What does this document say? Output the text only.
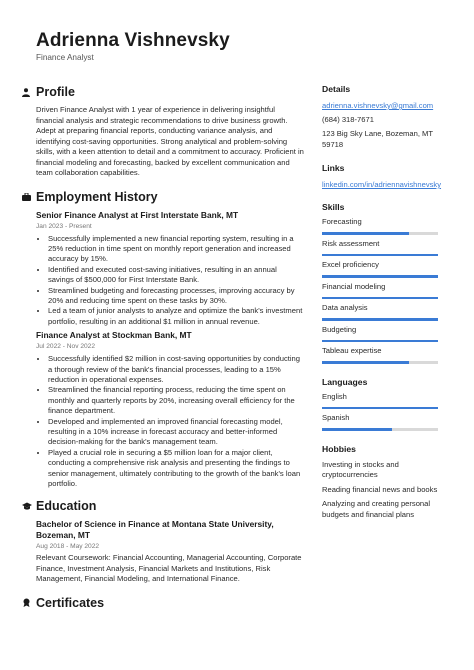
Adrienna Vishnevsky
Finance Analyst
Profile
Driven Finance Analyst with 1 year of experience in delivering insightful financial analysis and strategic recommendations to drive business growth. Adept at preparing financial reports, conducting variance analysis, and identifying cost-saving opportunities. Strong analytical and problem-solving skills, with a keen attention to detail and a commitment to accuracy. Proficient in financial modeling and forecasting, backed by excellent communication and team collaboration capabilities.
Employment History
Senior Finance Analyst at First Interstate Bank, MT
Jan 2023 - Present
• Successfully implemented a new financial reporting system, resulting in a 25% reduction in time spent on monthly report generation and increased accuracy by 15%.
• Identified and executed cost-saving initiatives, resulting in an annual savings of $500,000 for First Interstate Bank.
• Streamlined budgeting and forecasting processes, improving accuracy by 20% and reducing time spent on these tasks by 30%.
• Led a team of junior analysts to analyze and optimize the bank's investment portfolio, resulting in an additional $1 million in annual revenue.
Finance Analyst at Stockman Bank, MT
Jul 2022 - Nov 2022
• Successfully identified $2 million in cost-saving opportunities by conducting a thorough review of the bank's financial processes, leading to a 15% reduction in operational expenses.
• Streamlined the financial reporting process, reducing the time spent on monthly and quarterly reports by 20%, increasing overall efficiency for the finance department.
• Developed and implemented an improved financial forecasting model, resulting in a 10% increase in forecast accuracy and better-informed decision-making for the bank's management team.
• Played a crucial role in securing a $5 million loan for a major client, conducting a comprehensive risk analysis and presenting the findings to senior management, ultimately contributing to the growth of the bank's loan portfolio.
Education
Bachelor of Science in Finance at Montana State University, Bozeman, MT
Aug 2018 - May 2022
Relevant Coursework: Financial Accounting, Managerial Accounting, Corporate Finance, Investment Analysis, Financial Markets and Institutions, Risk Management, Financial Modeling, and International Finance.
Certificates
Details
adrienna.vishnevsky@gmail.com
(684) 318-7671
123 Big Sky Lane, Bozeman, MT 59718
Links
linkedin.com/in/adriennavishnevsky
Skills
Forecasting
Risk assessment
Excel proficiency
Financial modeling
Data analysis
Budgeting
Tableau expertise
Languages
English
Spanish
Hobbies
Investing in stocks and cryptocurrencies
Reading financial news and books
Analyzing and creating personal budgets and financial plans
